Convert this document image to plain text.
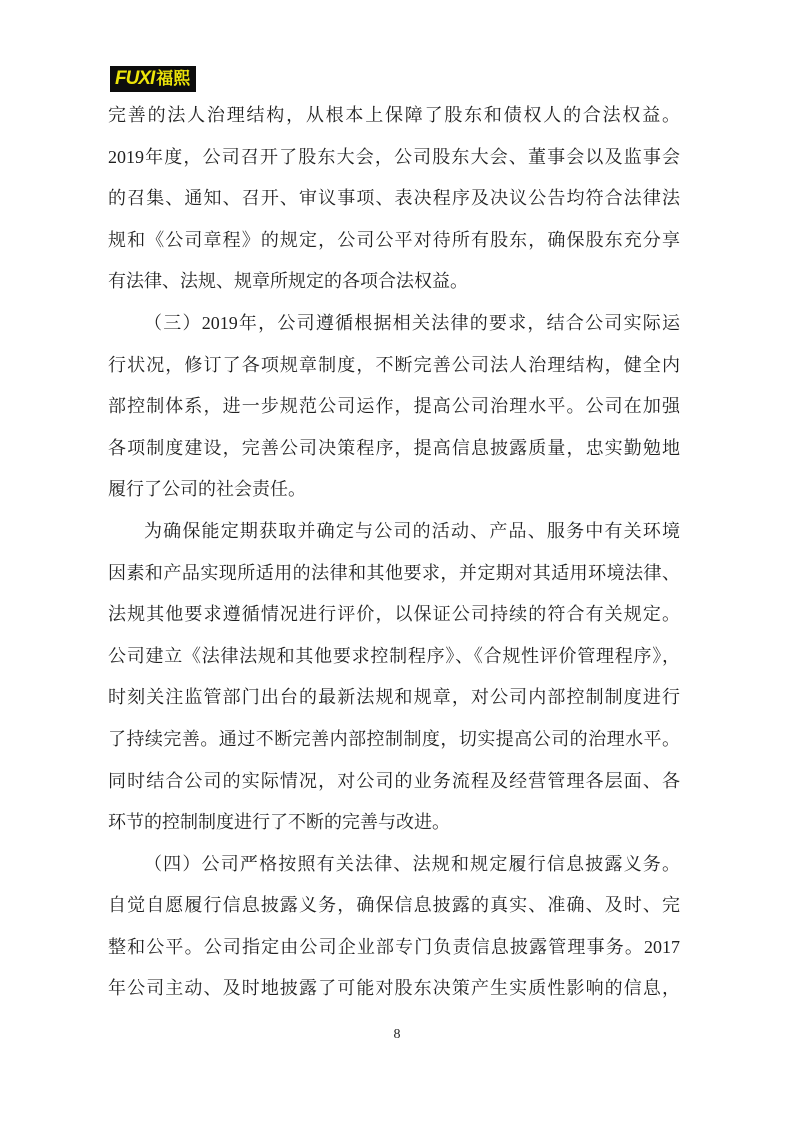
FUXI 福熙
完善的法人治理结构，从根本上保障了股东和债权人的合法权益。
2019年度，公司召开了股东大会，公司股东大会、董事会以及监事会
的召集、通知、召开、审议事项、表决程序及决议公告均符合法律法
规和《公司章程》的规定，公司公平对待所有股东，确保股东充分享
有法律、法规、规章所规定的各项合法权益。
（三）2019年，公司遵循根据相关法律的要求，结合公司实际运
行状况，修订了各项规章制度，不断完善公司法人治理结构，健全内
部控制体系，进一步规范公司运作，提高公司治理水平。公司在加强
各项制度建设，完善公司决策程序，提高信息披露质量，忠实勤勉地
履行了公司的社会责任。
为确保能定期获取并确定与公司的活动、产品、服务中有关环境
因素和产品实现所适用的法律和其他要求，并定期对其适用环境法律、
法规其他要求遵循情况进行评价，以保证公司持续的符合有关规定。
公司建立《法律法规和其他要求控制程序》、《合规性评价管理程序》，
时刻关注监管部门出台的最新法规和规章，对公司内部控制制度进行
了持续完善。通过不断完善内部控制制度，切实提高公司的治理水平。
同时结合公司的实际情况，对公司的业务流程及经营管理各层面、各
环节的控制制度进行了不断的完善与改进。
（四）公司严格按照有关法律、法规和规定履行信息披露义务。
自觉自愿履行信息披露义务，确保信息披露的真实、准确、及时、完
整和公平。公司指定由公司企业部专门负责信息披露管理事务。2017
年公司主动、及时地披露了可能对股东决策产生实质性影响的信息，
8
